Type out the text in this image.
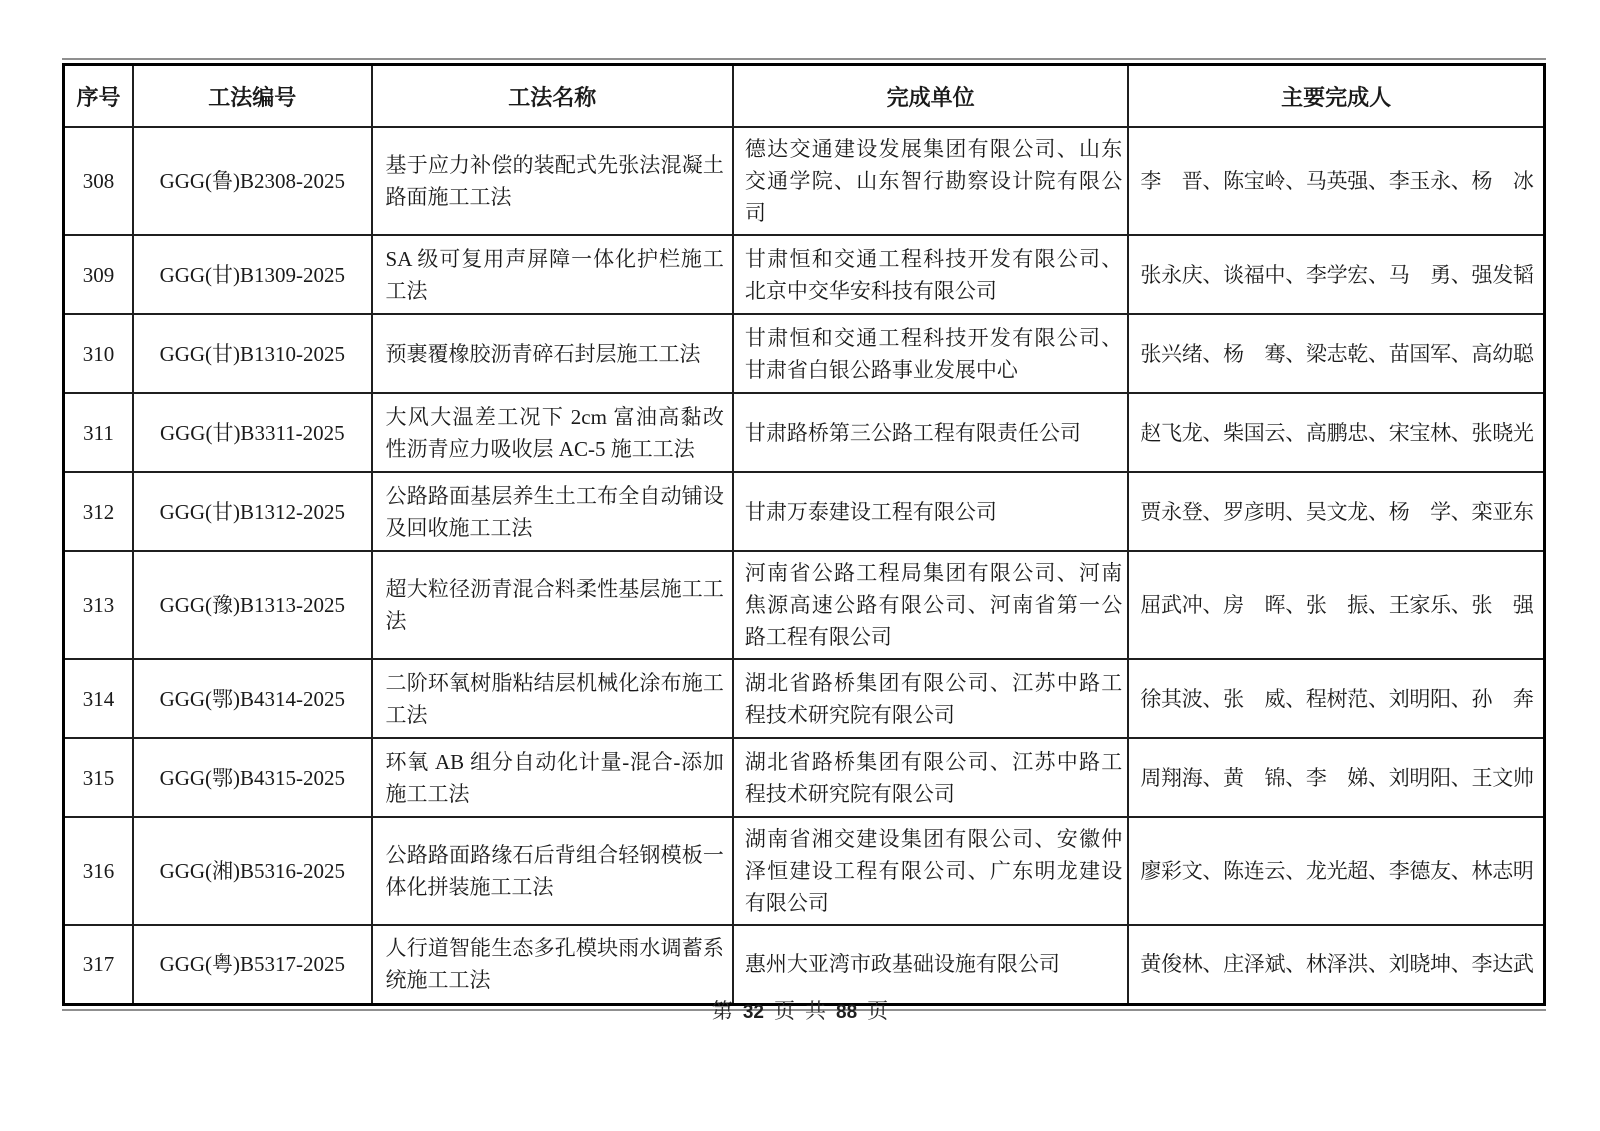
序号	工法编号	工法名称	完成单位	主要完成人
308	GGG(鲁)B2308-2025	基于应力补偿的装配式先张法混凝土路面施工工法	德达交通建设发展集团有限公司、山东交通学院、山东智行勘察设计院有限公司	李　晋、陈宝岭、马英强、李玉永、杨　冰
309	GGG(甘)B1309-2025	SA 级可复用声屏障一体化护栏施工工法	甘肃恒和交通工程科技开发有限公司、北京中交华安科技有限公司	张永庆、谈福中、李学宏、马　勇、强发韬
310	GGG(甘)B1310-2025	预裹覆橡胶沥青碎石封层施工工法	甘肃恒和交通工程科技开发有限公司、甘肃省白银公路事业发展中心	张兴绪、杨　骞、梁志乾、苗国军、高幼聪
311	GGG(甘)B3311-2025	大风大温差工况下 2cm 富油高黏改性沥青应力吸收层 AC-5 施工工法	甘肃路桥第三公路工程有限责任公司	赵飞龙、柴国云、高鹏忠、宋宝林、张晓光
312	GGG(甘)B1312-2025	公路路面基层养生土工布全自动铺设及回收施工工法	甘肃万泰建设工程有限公司	贾永登、罗彦明、吴文龙、杨　学、栾亚东
313	GGG(豫)B1313-2025	超大粒径沥青混合料柔性基层施工工法	河南省公路工程局集团有限公司、河南焦源高速公路有限公司、河南省第一公路工程有限公司	屈武冲、房　晖、张　振、王家乐、张　强
314	GGG(鄂)B4314-2025	二阶环氧树脂粘结层机械化涂布施工工法	湖北省路桥集团有限公司、江苏中路工程技术研究院有限公司	徐其波、张　威、程树范、刘明阳、孙　奔
315	GGG(鄂)B4315-2025	环氧 AB 组分自动化计量-混合-添加施工工法	湖北省路桥集团有限公司、江苏中路工程技术研究院有限公司	周翔海、黄　锦、李　娣、刘明阳、王文帅
316	GGG(湘)B5316-2025	公路路面路缘石后背组合轻钢模板一体化拼装施工工法	湖南省湘交建设集团有限公司、安徽仲泽恒建设工程有限公司、广东明龙建设有限公司	廖彩文、陈连云、龙光超、李德友、林志明
317	GGG(粤)B5317-2025	人行道智能生态多孔模块雨水调蓄系统施工工法	惠州大亚湾市政基础设施有限公司	黄俊林、庄泽斌、林泽洪、刘晓坤、李达武
第 32 页 共 88 页
